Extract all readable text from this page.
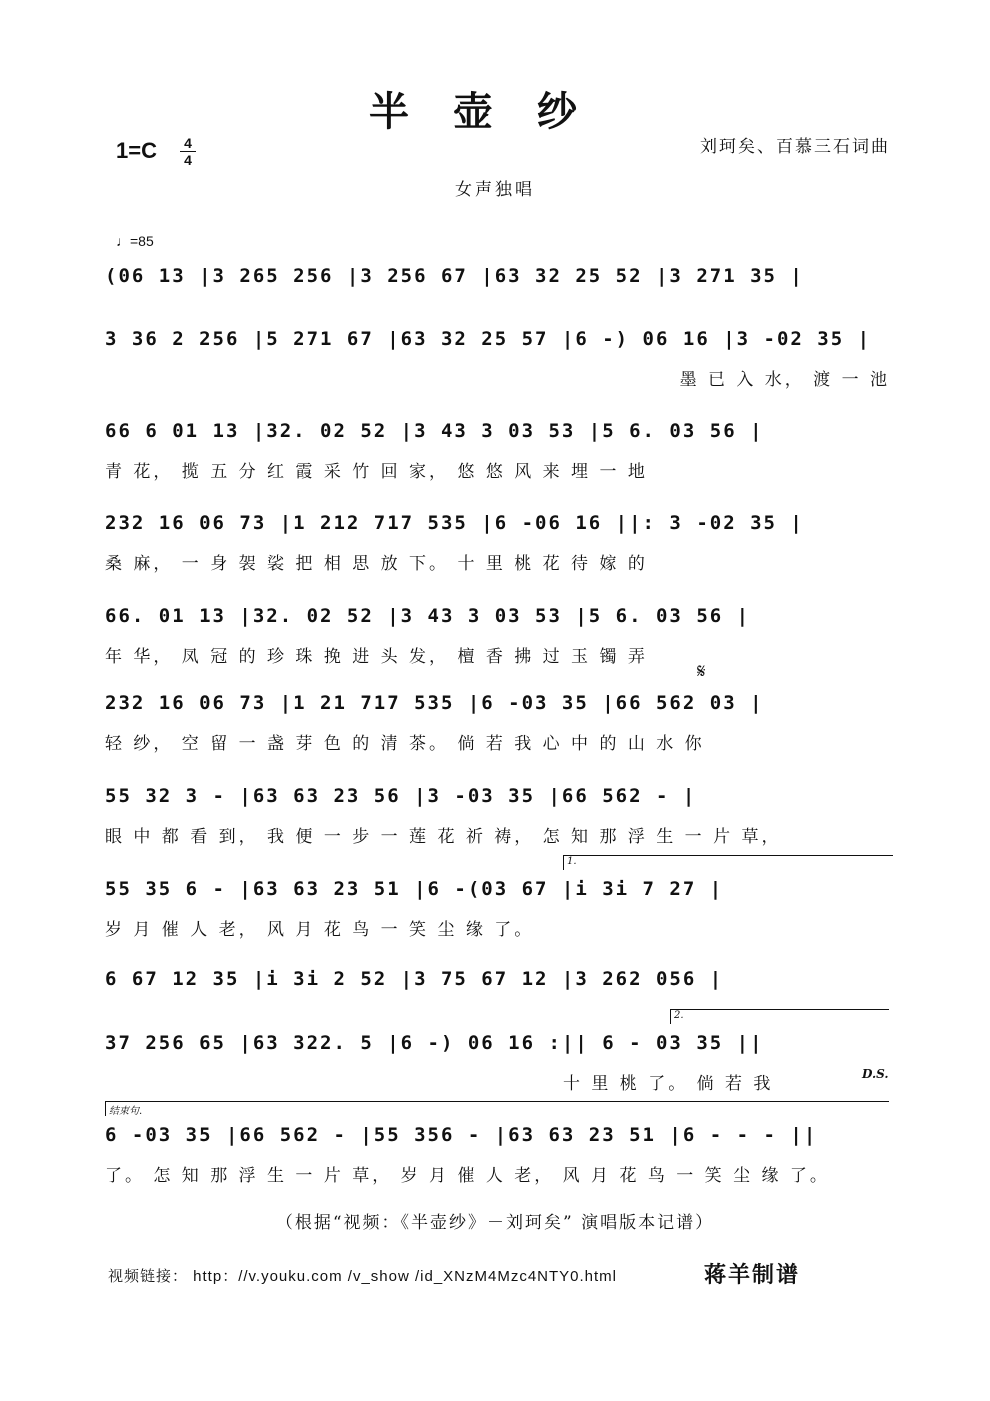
半壶纱
1=C 4
4
刘珂矣、百慕三石词曲
女声独唱
♩=85
(06 13 |3 265 256 |3 256 67 |63 32 25 52 |3 271 35 |
3 36 2 256 |5 271 67 |63 32 25 57 |6 -) 06 16 |3 -02 35 |
墨 已 入 水， 渡 一 池
66 6 01 13 |32. 02 52 |3 43 3 03 53 |5 6. 03 56 |
青 花， 揽 五 分 红 霞 采 竹 回 家， 悠 悠 风 来 埋 一 地
232 16 06 73 |1 212 717 535 |6 -06 16 ||: 3 -02 35 |
桑 麻， 一 身 袈 裟 把 相 思 放 下。 十 里 桃 花 待 嫁 的
66. 01 13 |32. 02 52 |3 43 3 03 53 |5 6. 03 56 |
年 华， 凤 冠 的 珍 珠 挽 进 头 发， 檀 香 拂 过 玉 镯 弄
𝄋
232 16 06 73 |1 21 717 535 |6 -03 35 |66 562 03 |
轻 纱， 空 留 一 盏 芽 色 的 清 茶。 倘 若 我 心 中 的 山 水 你
55 32 3 - |63 63 23 56 |3 -03 35 |66 562 - |
眼 中 都 看 到， 我 便 一 步 一 莲 花 祈 祷， 怎 知 那 浮 生 一 片 草，
1.
55 35 6 - |63 63 23 51 |6 -(03 67 |i 3i 7 27 |
岁 月 催 人 老， 风 月 花 鸟 一 笑 尘 缘 了。
6 67 12 35 |i 3i 2 52 |3 75 67 12 |3 262 056 |
2.
37 256 65 |63 322. 5 |6 -) 06 16 :|| 6 - 03 35 ||
十 里 桃 了。 倘 若 我	D.S.
结束句.
6 -03 35 |66 562 - |55 356 - |63 63 23 51 |6 - - - ||
了。 怎 知 那 浮 生 一 片 草， 岁 月 催 人 老， 风 月 花 鸟 一 笑 尘 缘 了。
（根据“视频：《半壶纱》－刘珂矣” 演唱版本记谱）
视频链接： http：//v.youku.com /v_show /id_XNzM4Mzc4NTY0.html	蒋羊制谱
